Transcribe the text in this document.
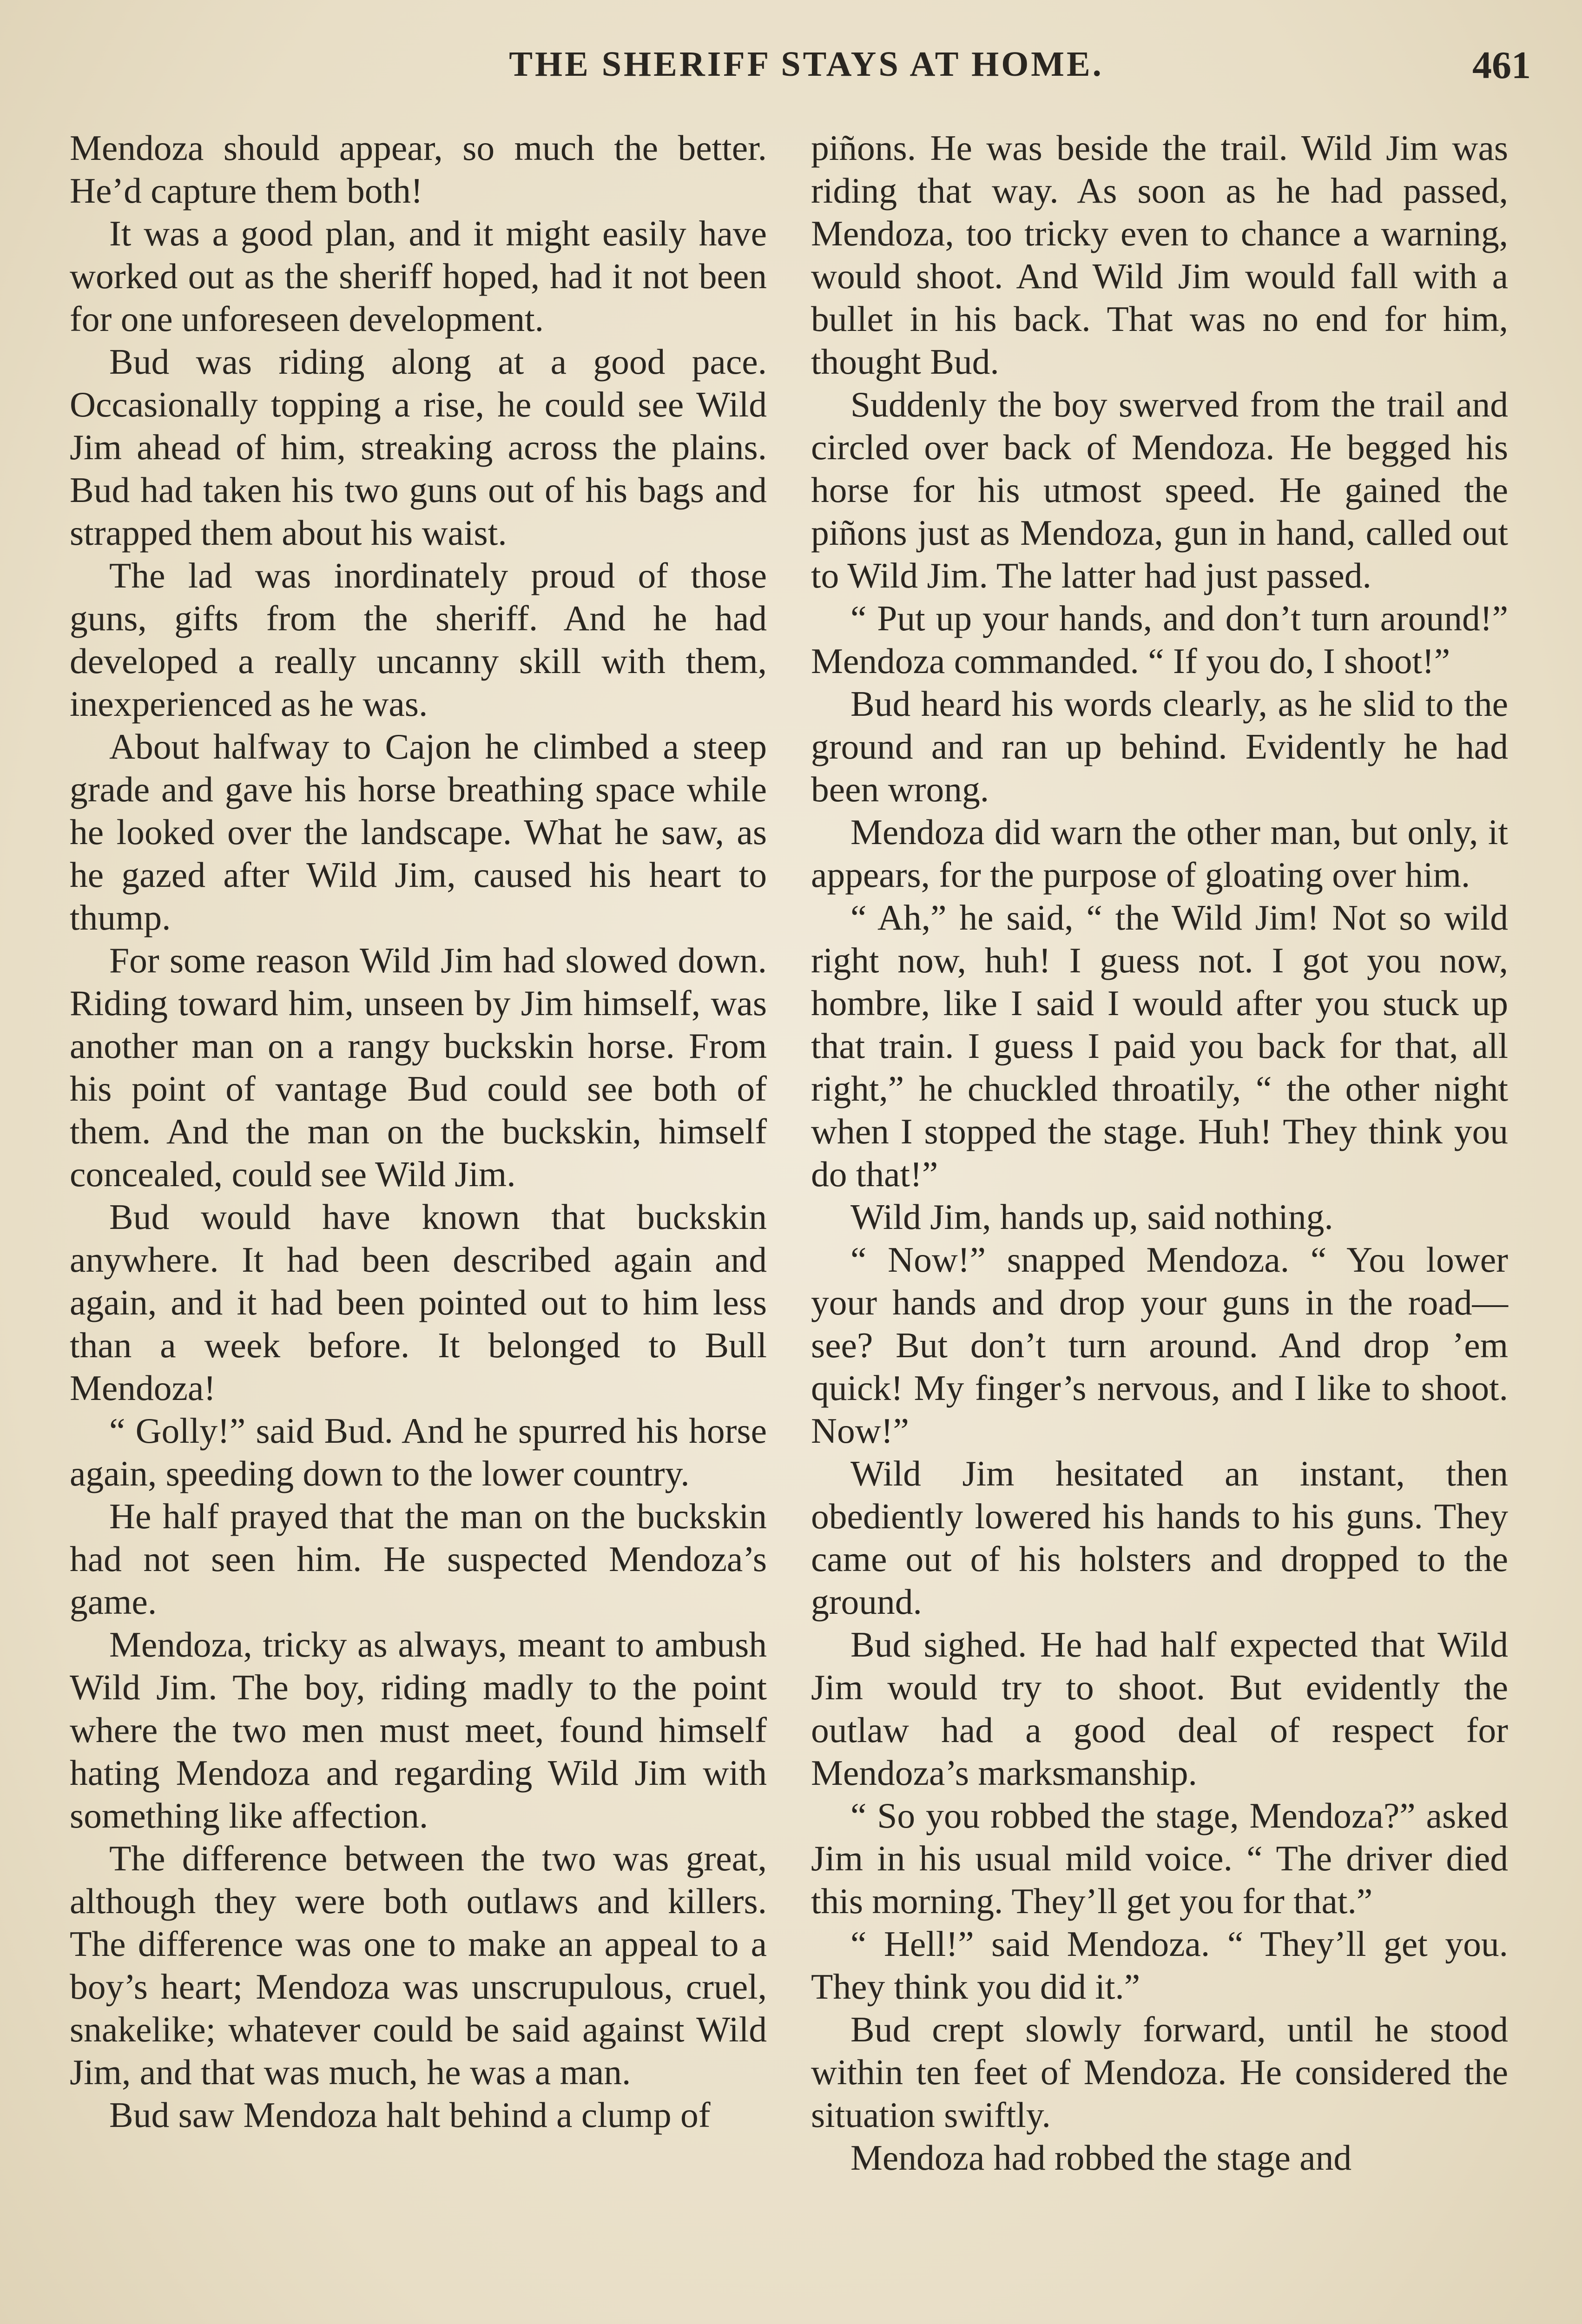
THE SHERIFF STAYS AT HOME.	461

Mendoza should appear, so much the better. He’d capture them both!

It was a good plan, and it might easily have worked out as the sheriff hoped, had it not been for one unforeseen development.

Bud was riding along at a good pace. Occasionally topping a rise, he could see Wild Jim ahead of him, streaking across the plains. Bud had taken his two guns out of his bags and strapped them about his waist.

The lad was inordinately proud of those guns, gifts from the sheriff. And he had developed a really uncanny skill with them, inexperienced as he was.

About halfway to Cajon he climbed a steep grade and gave his horse breathing space while he looked over the landscape. What he saw, as he gazed after Wild Jim, caused his heart to thump.

For some reason Wild Jim had slowed down. Riding toward him, unseen by Jim himself, was another man on a rangy buckskin horse. From his point of vantage Bud could see both of them. And the man on the buckskin, himself concealed, could see Wild Jim.

Bud would have known that buckskin anywhere. It had been described again and again, and it had been pointed out to him less than a week before. It belonged to Bull Mendoza!

“ Golly!” said Bud. And he spurred his horse again, speeding down to the lower country.

He half prayed that the man on the buckskin had not seen him. He suspected Mendoza’s game.

Mendoza, tricky as always, meant to ambush Wild Jim. The boy, riding madly to the point where the two men must meet, found himself hating Mendoza and regarding Wild Jim with something like affection.

The difference between the two was great, although they were both outlaws and killers. The difference was one to make an appeal to a boy’s heart; Mendoza was unscrupulous, cruel, snakelike; whatever could be said against Wild Jim, and that was much, he was a man.

Bud saw Mendoza halt behind a clump of

piñons. He was beside the trail. Wild Jim was riding that way. As soon as he had passed, Mendoza, too tricky even to chance a warning, would shoot. And Wild Jim would fall with a bullet in his back. That was no end for him, thought Bud.

Suddenly the boy swerved from the trail and circled over back of Mendoza. He begged his horse for his utmost speed. He gained the piñons just as Mendoza, gun in hand, called out to Wild Jim. The latter had just passed.

“ Put up your hands, and don’t turn around!” Mendoza commanded. “ If you do, I shoot!”

Bud heard his words clearly, as he slid to the ground and ran up behind. Evidently he had been wrong.

Mendoza did warn the other man, but only, it appears, for the purpose of gloating over him.

“ Ah,” he said, “ the Wild Jim! Not so wild right now, huh! I guess not. I got you now, hombre, like I said I would after you stuck up that train. I guess I paid you back for that, all right,” he chuckled throatily, “ the other night when I stopped the stage. Huh! They think you do that!”

Wild Jim, hands up, said nothing.

“ Now!” snapped Mendoza. “ You lower your hands and drop your guns in the road—see? But don’t turn around. And drop ’em quick! My finger’s nervous, and I like to shoot. Now!”

Wild Jim hesitated an instant, then obediently lowered his hands to his guns. They came out of his holsters and dropped to the ground.

Bud sighed. He had half expected that Wild Jim would try to shoot. But evidently the outlaw had a good deal of respect for Mendoza’s marksmanship.

“ So you robbed the stage, Mendoza?” asked Jim in his usual mild voice. “ The driver died this morning. They’ll get you for that.”

“ Hell!” said Mendoza. “ They’ll get you. They think you did it.”

Bud crept slowly forward, until he stood within ten feet of Mendoza. He considered the situation swiftly.

Mendoza had robbed the stage and
